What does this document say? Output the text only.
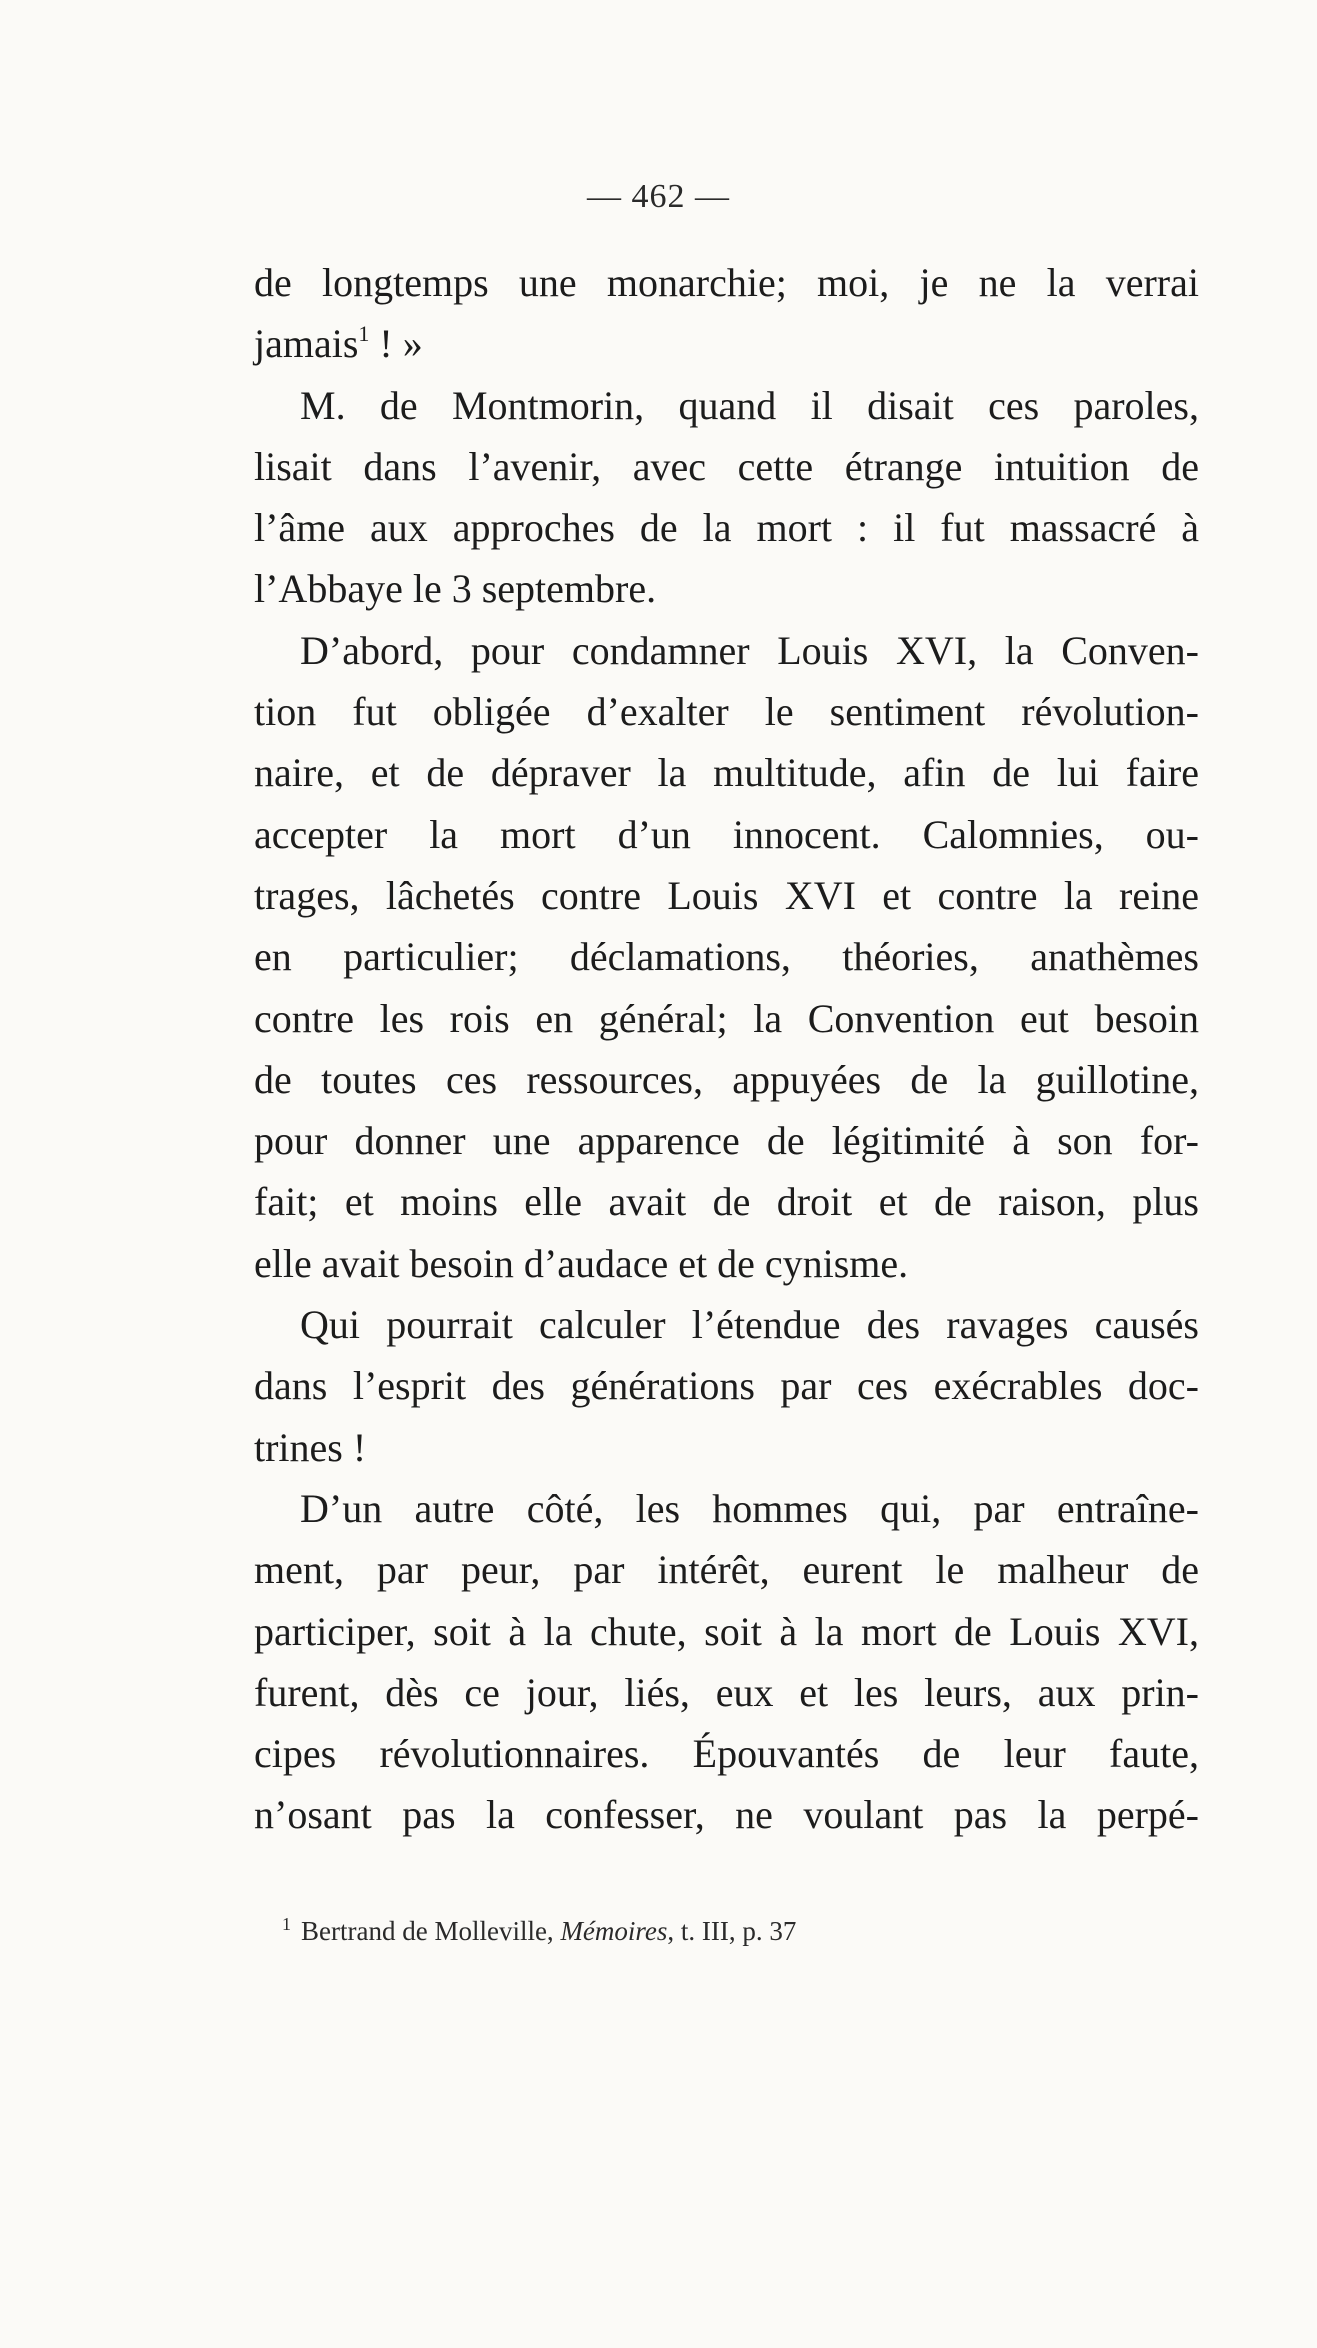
— 462 —
de longtemps une monarchie; moi, je ne la verrai
jamais$^1$ ! »
M. de Montmorin, quand il disait ces paroles,
lisait dans l’avenir, avec cette étrange intuition de
l’âme aux approches de la mort : il fut massacré à
l’Abbaye le 3 septembre.
D’abord, pour condamner Louis XVI, la Conven-
tion fut obligée d’exalter le sentiment révolution-
naire, et de dépraver la multitude, afin de lui faire
accepter la mort d’un innocent. Calomnies, ou-
trages, lâchetés contre Louis XVI et contre la reine
en particulier; déclamations, théories, anathèmes
contre les rois en général; la Convention eut besoin
de toutes ces ressources, appuyées de la guillotine,
pour donner une apparence de légitimité à son for-
fait; et moins elle avait de droit et de raison, plus
elle avait besoin d’audace et de cynisme.
Qui pourrait calculer l’étendue des ravages causés
dans l’esprit des générations par ces exécrables doc-
trines !
D’un autre côté, les hommes qui, par entraîne-
ment, par peur, par intérêt, eurent le malheur de
participer, soit à la chute, soit à la mort de Louis XVI,
furent, dès ce jour, liés, eux et les leurs, aux prin-
cipes révolutionnaires. Épouvantés de leur faute,
n’osant pas la confesser, ne voulant pas la perpé-
$^1$ Bertrand de Molleville, Mémoires, t. III, p. 37
